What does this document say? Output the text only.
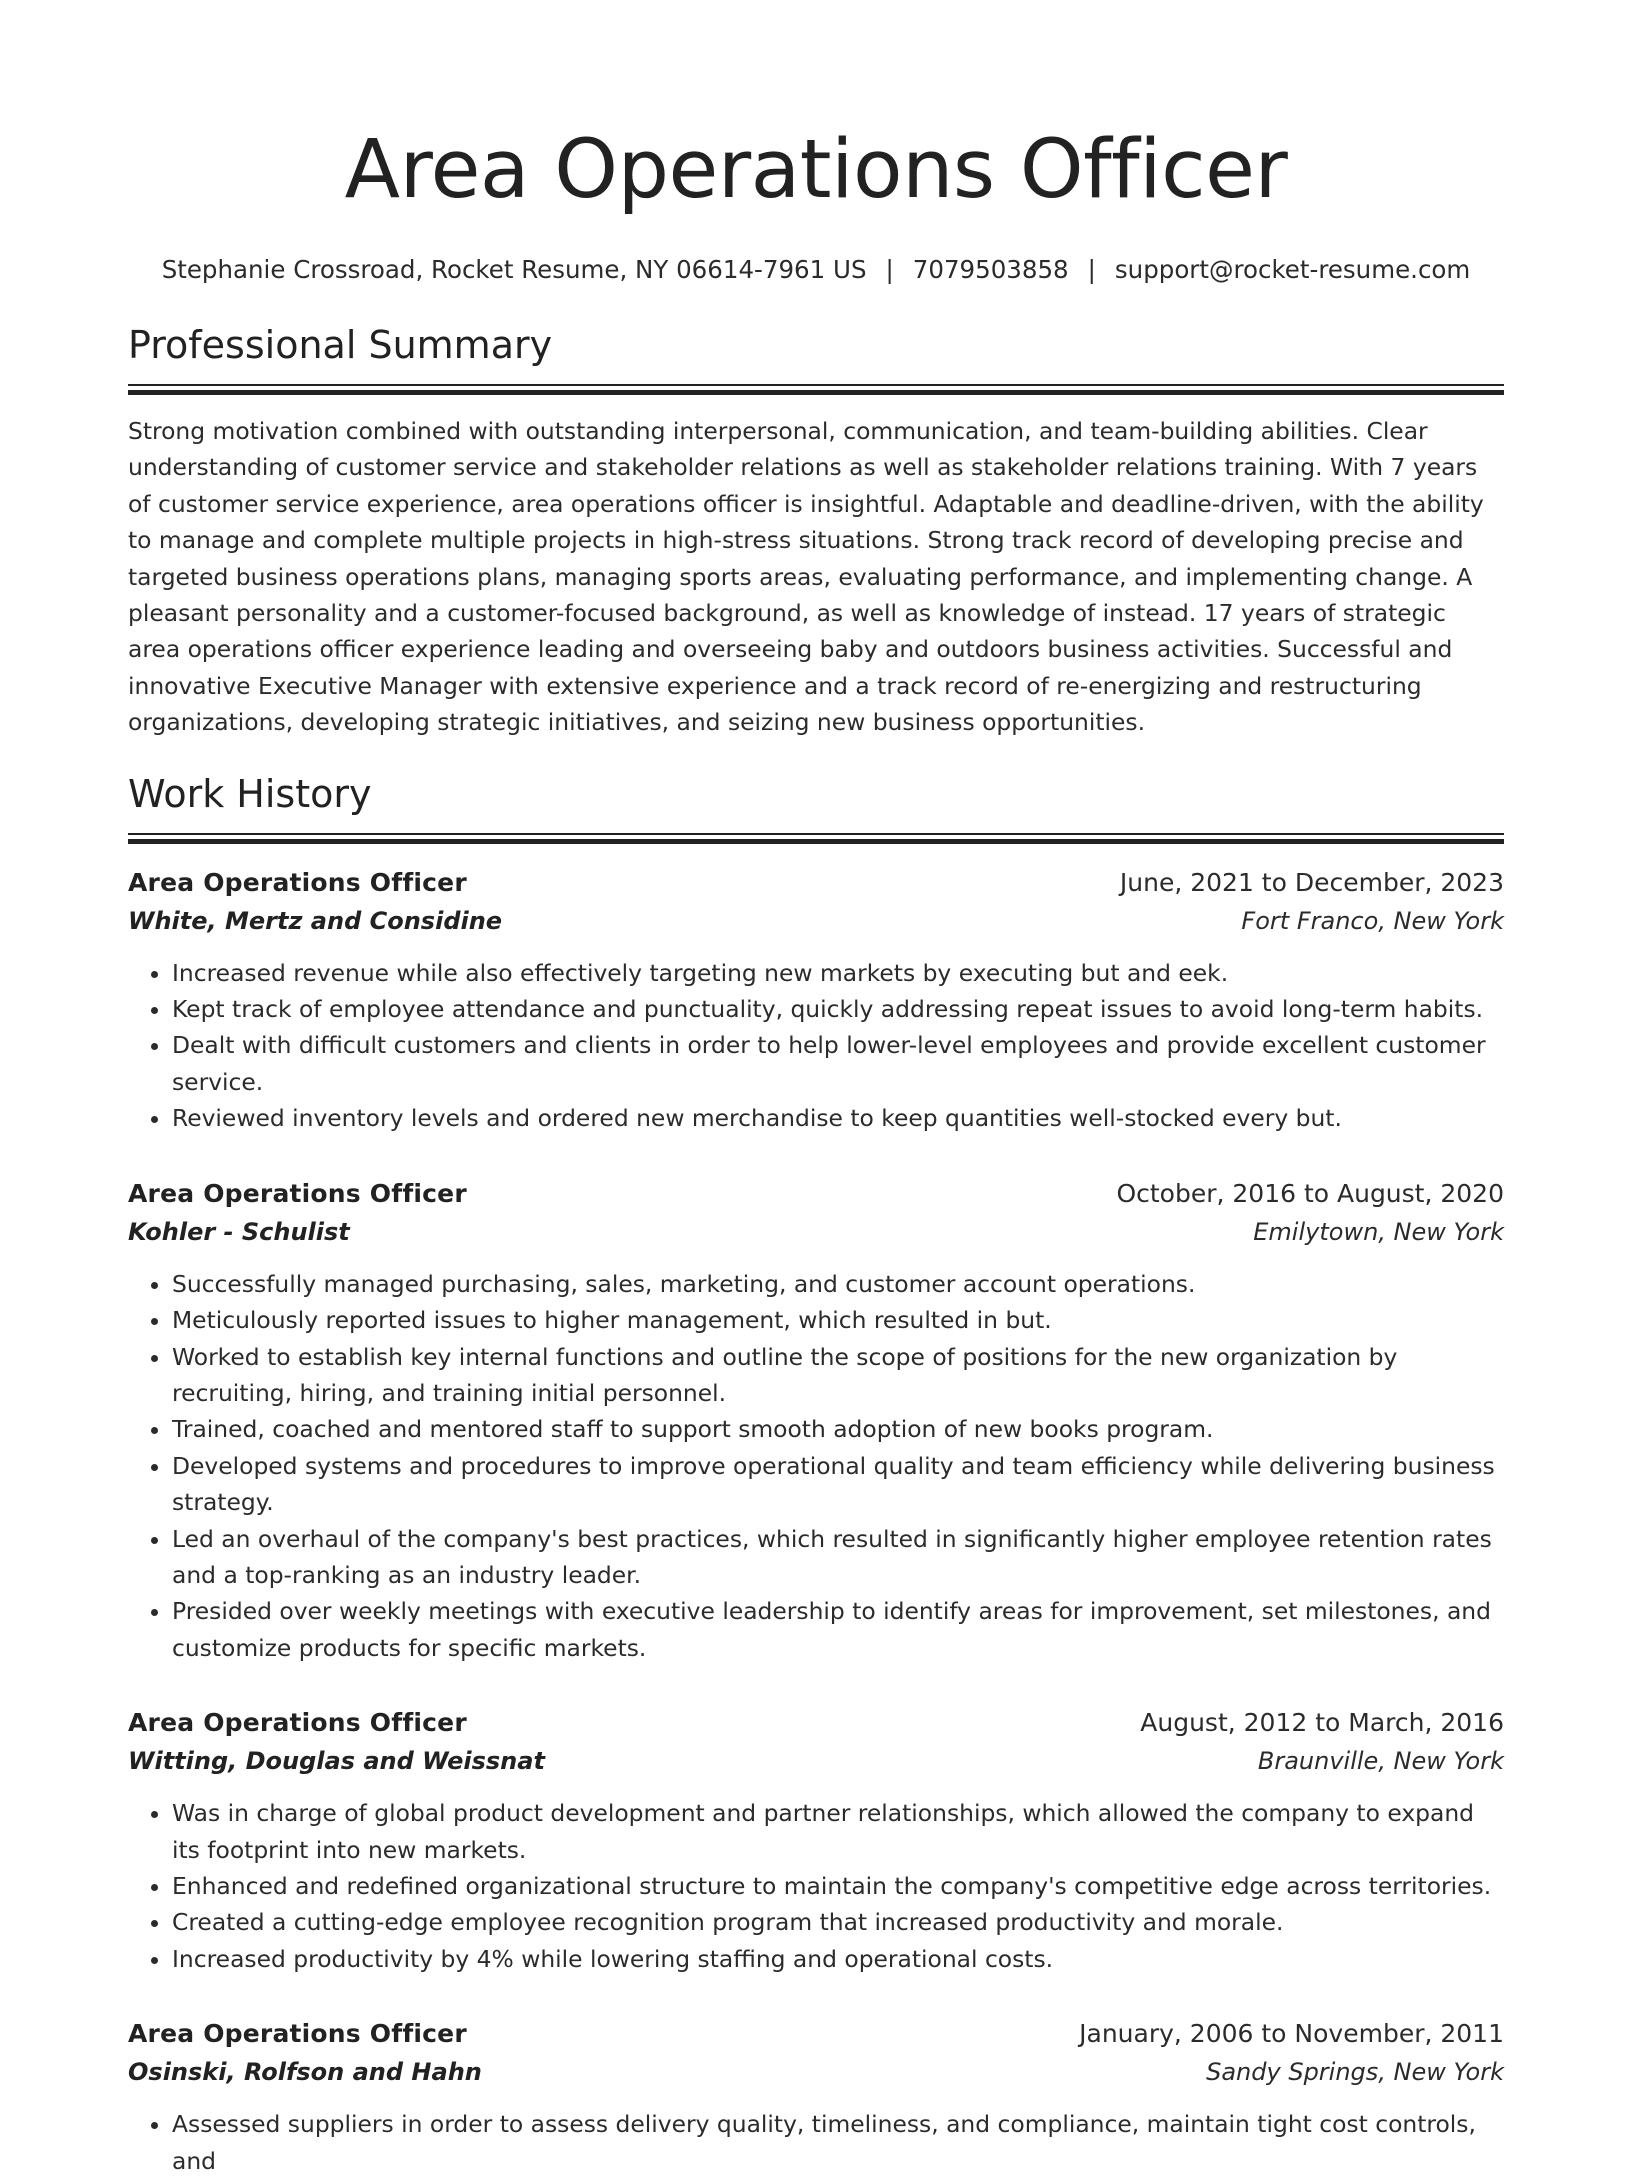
Area Operations Officer
Stephanie Crossroad, Rocket Resume, NY 06614-7961 US | 7079503858 | support@rocket-resume.com
Professional Summary

Strong motivation combined with outstanding interpersonal, communication, and team-building abilities. Clear understanding of customer service and stakeholder relations as well as stakeholder relations training. With 7 years of customer service experience, area operations officer is insightful. Adaptable and deadline-driven, with the ability to manage and complete multiple projects in high-stress situations. Strong track record of developing precise and targeted business operations plans, managing sports areas, evaluating performance, and implementing change. A pleasant personality and a customer-focused background, as well as knowledge of instead. 17 years of strategic area operations officer experience leading and overseeing baby and outdoors business activities. Successful and innovative Executive Manager with extensive experience and a track record of re-energizing and restructuring organizations, developing strategic initiatives, and seizing new business opportunities.

Work History
Area Operations Officer	June, 2021 to December, 2023
White, Mertz and Considine	Fort Franco, New York
• Increased revenue while also effectively targeting new markets by executing but and eek.
• Kept track of employee attendance and punctuality, quickly addressing repeat issues to avoid long-term habits.
• Dealt with difficult customers and clients in order to help lower-level employees and provide excellent customer service.
• Reviewed inventory levels and ordered new merchandise to keep quantities well-stocked every but.
Area Operations Officer	October, 2016 to August, 2020
Kohler - Schulist	Emilytown, New York
• Successfully managed purchasing, sales, marketing, and customer account operations.
• Meticulously reported issues to higher management, which resulted in but.
• Worked to establish key internal functions and outline the scope of positions for the new organization by recruiting, hiring, and training initial personnel.
• Trained, coached and mentored staff to support smooth adoption of new books program.
• Developed systems and procedures to improve operational quality and team efficiency while delivering business strategy.
• Led an overhaul of the company's best practices, which resulted in significantly higher employee retention rates and a top-ranking as an industry leader.
• Presided over weekly meetings with executive leadership to identify areas for improvement, set milestones, and customize products for specific markets.
Area Operations Officer	August, 2012 to March, 2016
Witting, Douglas and Weissnat	Braunville, New York
• Was in charge of global product development and partner relationships, which allowed the company to expand its footprint into new markets.
• Enhanced and redefined organizational structure to maintain the company's competitive edge across territories.
• Created a cutting-edge employee recognition program that increased productivity and morale.
• Increased productivity by 4% while lowering staffing and operational costs.
Area Operations Officer	January, 2006 to November, 2011
Osinski, Rolfson and Hahn	Sandy Springs, New York
• Assessed suppliers in order to assess delivery quality, timeliness, and compliance, maintain tight cost controls, and
